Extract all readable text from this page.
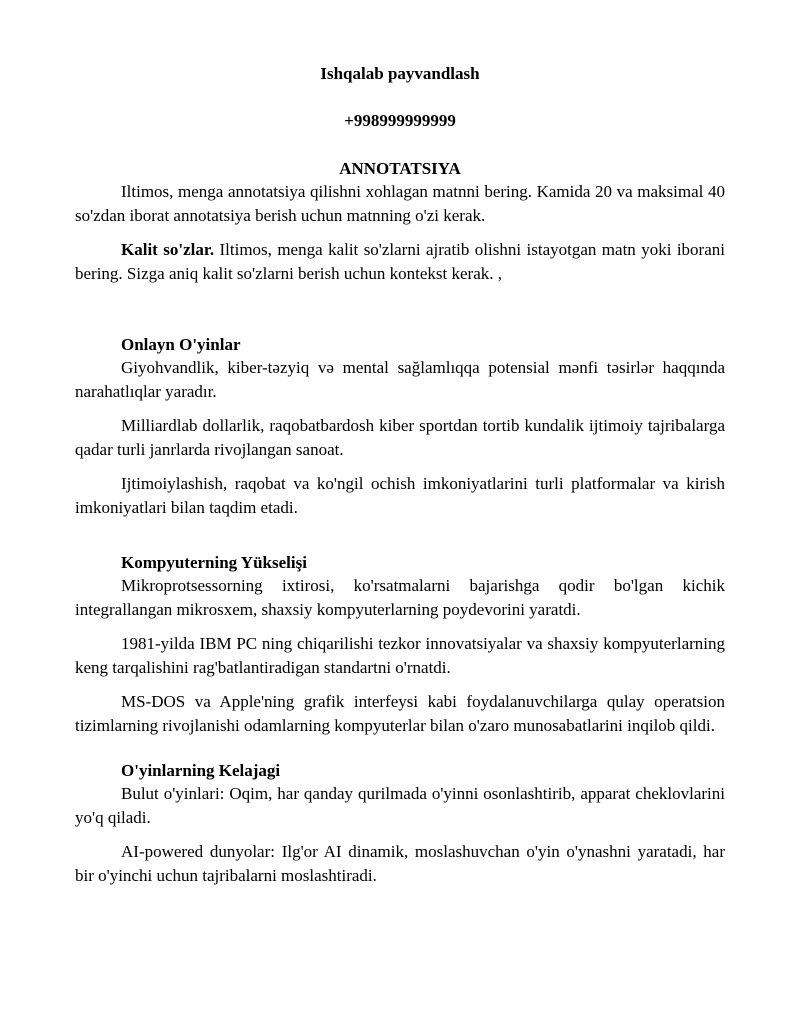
Ishqalab payvandlash

+998999999999

ANNOTATSIYA

Iltimos, menga annotatsiya qilishni xohlagan matnni bering. Kamida 20 va maksimal 40 so'zdan iborat annotatsiya berish uchun matnning o'zi kerak.

Kalit so'zlar. Iltimos, menga kalit so'zlarni ajratib olishni istayotgan matn yoki iborani bering. Sizga aniq kalit so'zlarni berish uchun kontekst kerak. ,

Onlayn O'yinlar

Giyohvandlik, kiber-təzyiq və mental sağlamlıqqa potensial mənfi təsirlər haqqında narahatlıqlar yaradır.

Milliardlab dollarlik, raqobatbardosh kiber sportdan tortib kundalik ijtimoiy tajribalarga qadar turli janrlarda rivojlangan sanoat.

Ijtimoiylashish, raqobat va ko'ngil ochish imkoniyatlarini turli platformalar va kirish imkoniyatlari bilan taqdim etadi.

Kompyuterning Yükselişi

Mikroprotsessorning ixtirosi, ko'rsatmalarni bajarishga qodir bo'lgan kichik integrallangan mikrosxem, shaxsiy kompyuterlarning poydevorini yaratdi.

1981-yilda IBM PC ning chiqarilishi tezkor innovatsiyalar va shaxsiy kompyuterlarning keng tarqalishini rag'batlantiradigan standartni o'rnatdi.

MS-DOS va Apple'ning grafik interfeysi kabi foydalanuvchilarga qulay operatsion tizimlarning rivojlanishi odamlarning kompyuterlar bilan o'zaro munosabatlarini inqilob qildi.

O'yinlarning Kelajagi

Bulut o'yinlari: Oqim, har qanday qurilmada o'yinni osonlashtirib, apparat cheklovlarini yo'q qiladi.

AI-powered dunyolar: Ilg'or AI dinamik, moslashuvchan o'yin o'ynashni yaratadi, har bir o'yinchi uchun tajribalarni moslashtiradi.
